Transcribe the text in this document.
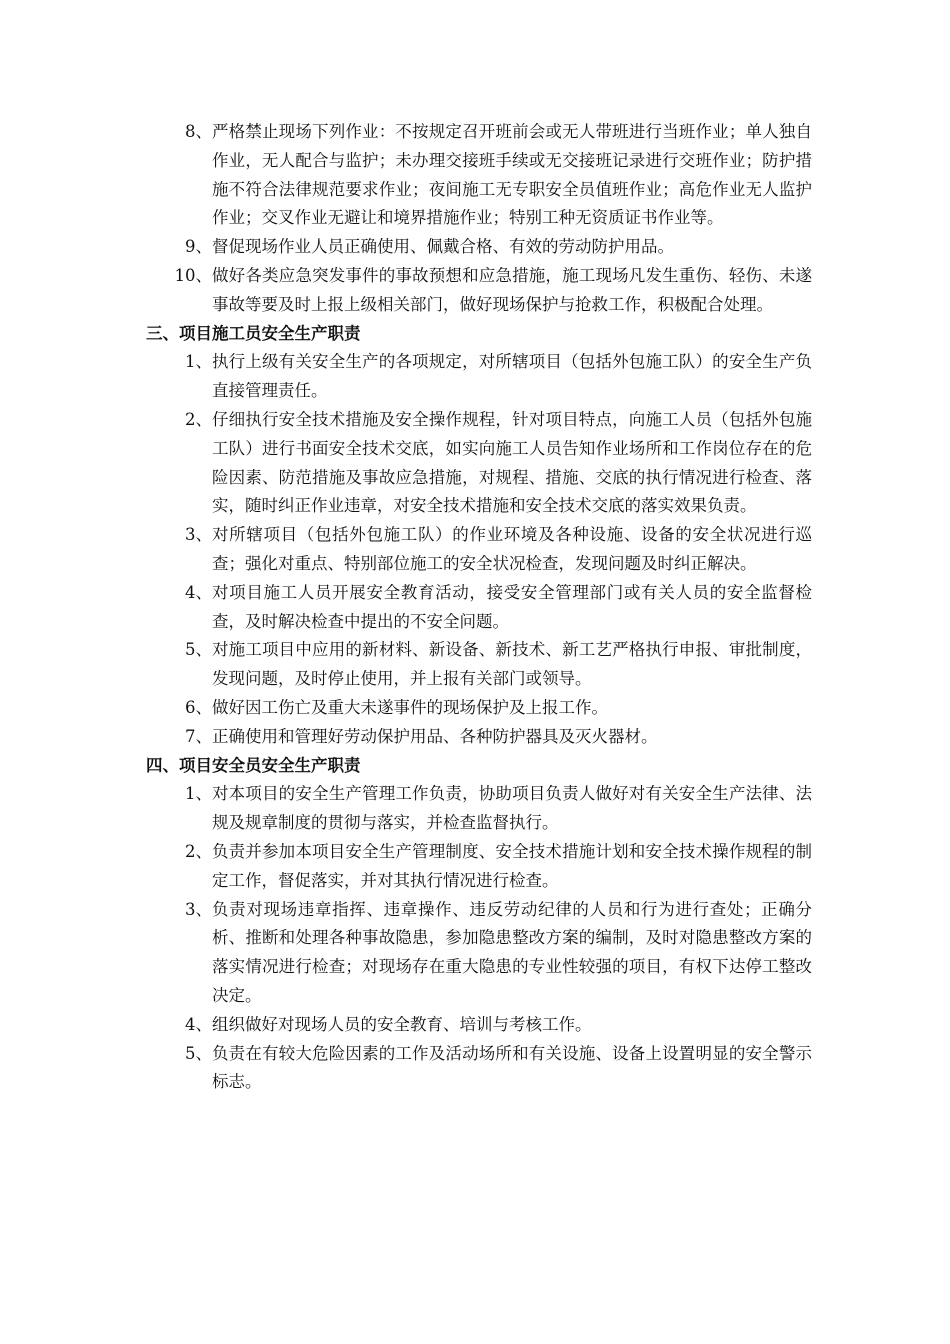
8、 严格禁止现场下列作业：不按规定召开班前会或无人带班进行当班作业；单人独自作业，无人配合与监护；未办理交接班手续或无交接班记录进行交班作业；防护措施不符合法律规范要求作业；夜间施工无专职安全员值班作业；高危作业无人监护作业；交叉作业无避让和境界措施作业；特别工种无资质证书作业等。
9、 督促现场作业人员正确使用、佩戴合格、有效的劳动防护用品。
10、 做好各类应急突发事件的事故预想和应急措施，施工现场凡发生重伤、轻伤、未遂事故等要及时上报上级相关部门，做好现场保护与抢救工作，积极配合处理。
三、项目施工员安全生产职责
1、 执行上级有关安全生产的各项规定，对所辖项目（包括外包施工队）的安全生产负直接管理责任。
2、 仔细执行安全技术措施及安全操作规程，针对项目特点，向施工人员（包括外包施工队）进行书面安全技术交底，如实向施工人员告知作业场所和工作岗位存在的危险因素、防范措施及事故应急措施，对规程、措施、交底的执行情况进行检查、落实，随时纠正作业违章，对安全技术措施和安全技术交底的落实效果负责。
3、 对所辖项目（包括外包施工队）的作业环境及各种设施、设备的安全状况进行巡查；强化对重点、特别部位施工的安全状况检查，发现问题及时纠正解决。
4、 对项目施工人员开展安全教育活动，接受安全管理部门或有关人员的安全监督检查，及时解决检查中提出的不安全问题。
5、 对施工项目中应用的新材料、新设备、新技术、新工艺严格执行申报、审批制度，发现问题，及时停止使用，并上报有关部门或领导。
6、 做好因工伤亡及重大未遂事件的现场保护及上报工作。
7、 正确使用和管理好劳动保护用品、各种防护器具及灭火器材。
四、项目安全员安全生产职责
1、 对本项目的安全生产管理工作负责，协助项目负责人做好对有关安全生产法律、法规及规章制度的贯彻与落实，并检查监督执行。
2、 负责并参加本项目安全生产管理制度、安全技术措施计划和安全技术操作规程的制定工作，督促落实，并对其执行情况进行检查。
3、 负责对现场违章指挥、违章操作、违反劳动纪律的人员和行为进行查处；正确分析、推断和处理各种事故隐患，参加隐患整改方案的编制，及时对隐患整改方案的落实情况进行检查；对现场存在重大隐患的专业性较强的项目，有权下达停工整改决定。
4、 组织做好对现场人员的安全教育、培训与考核工作。
5、 负责在有较大危险因素的工作及活动场所和有关设施、设备上设置明显的安全警示标志。
